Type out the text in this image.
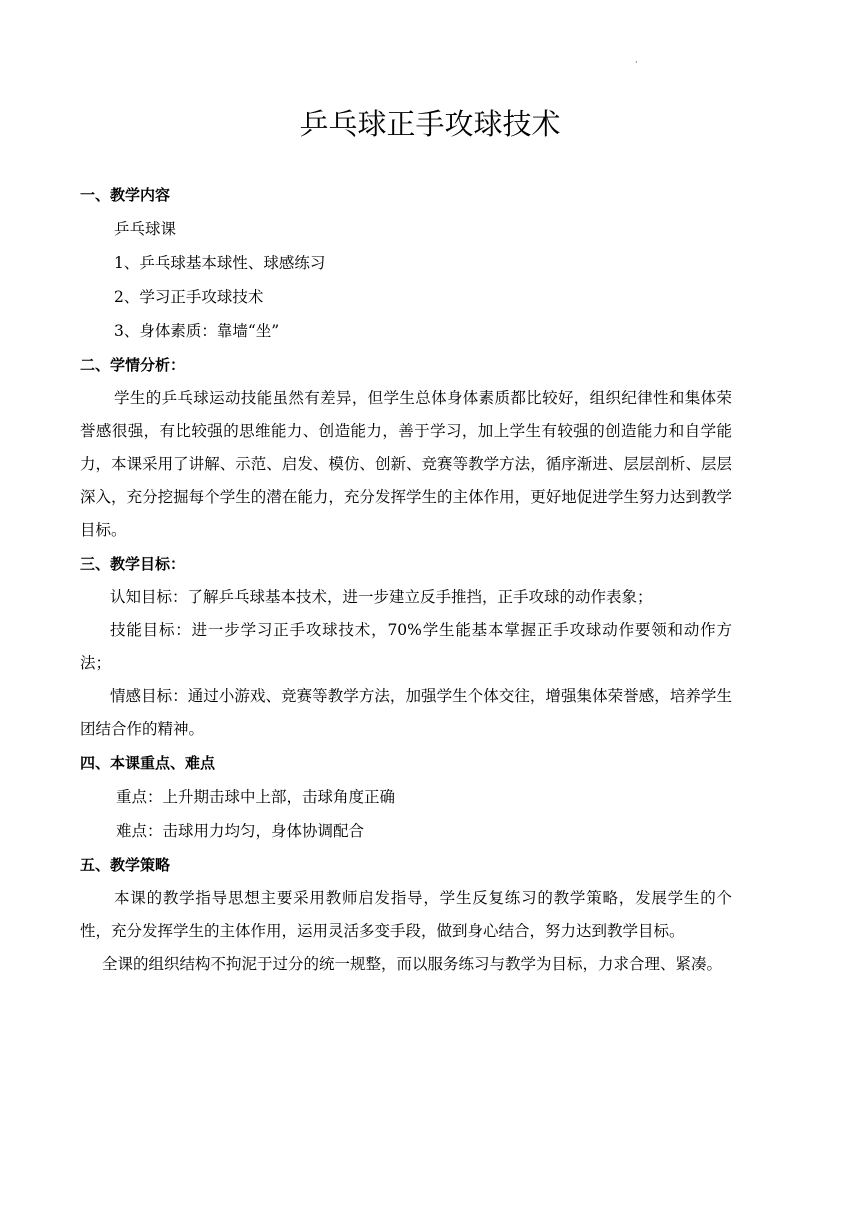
·
乒乓球正手攻球技术
一、教学内容
乒乓球课
1、乒乓球基本球性、球感练习
2、学习正手攻球技术
3、身体素质：靠墙“坐”
二、学情分析：

学生的乒乓球运动技能虽然有差异，但学生总体身体素质都比较好，组织纪律性和集体荣誉感很强，有比较强的思维能力、创造能力，善于学习，加上学生有较强的创造能力和自学能力，本课采用了讲解、示范、启发、模仿、创新、竞赛等教学方法，循序渐进、层层剖析、层层深入，充分挖掘每个学生的潜在能力，充分发挥学生的主体作用，更好地促进学生努力达到教学目标。

三、教学目标：

认知目标：了解乒乓球基本技术，进一步建立反手推挡，正手攻球的动作表象；

技能目标：进一步学习正手攻球技术，70%学生能基本掌握正手攻球动作要领和动作方法；

情感目标：通过小游戏、竞赛等教学方法，加强学生个体交往，增强集体荣誉感，培养学生团结合作的精神。

四、本课重点、难点
重点：上升期击球中上部，击球角度正确
难点：击球用力均匀，身体协调配合
五、教学策略

本课的教学指导思想主要采用教师启发指导，学生反复练习的教学策略，发展学生的个性，充分发挥学生的主体作用，运用灵活多变手段，做到身心结合，努力达到教学目标。

全课的组织结构不拘泥于过分的统一规整，而以服务练习与教学为目标，力求合理、紧凑。
